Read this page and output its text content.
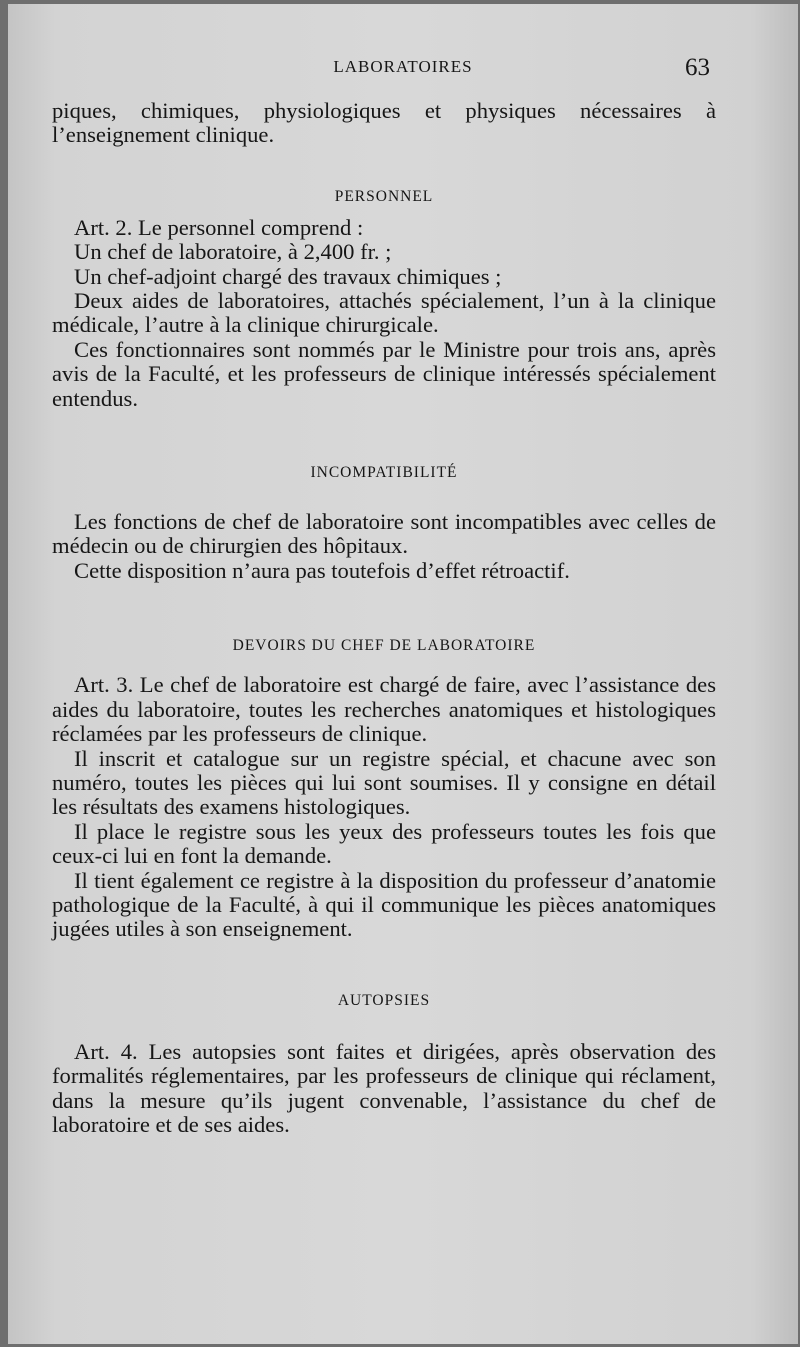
LABORATOIRES	63

piques, chimiques, physiologiques et physiques nécessaires à l’enseignement clinique.

PERSONNEL

Art. 2. Le personnel comprend :

Un chef de laboratoire, à 2,400 fr. ;

Un chef-adjoint chargé des travaux chimiques ;

Deux aides de laboratoires, attachés spécialement, l’un à la clinique médicale, l’autre à la clinique chirurgicale.

Ces fonctionnaires sont nommés par le Ministre pour trois ans, après avis de la Faculté, et les professeurs de clinique intéressés spécialement entendus.

INCOMPATIBILITÉ

Les fonctions de chef de laboratoire sont incompatibles avec celles de médecin ou de chirurgien des hôpitaux.

Cette disposition n’aura pas toutefois d’effet rétroactif.

DEVOIRS DU CHEF DE LABORATOIRE

Art. 3. Le chef de laboratoire est chargé de faire, avec l’assistance des aides du laboratoire, toutes les recherches anatomiques et histologiques réclamées par les professeurs de clinique.

Il inscrit et catalogue sur un registre spécial, et chacune avec son numéro, toutes les pièces qui lui sont soumises. Il y consigne en détail les résultats des examens histologiques.

Il place le registre sous les yeux des professeurs toutes les fois que ceux-ci lui en font la demande.

Il tient également ce registre à la disposition du professeur d’anatomie pathologique de la Faculté, à qui il communique les pièces anatomiques jugées utiles à son enseignement.

AUTOPSIES

Art. 4. Les autopsies sont faites et dirigées, après observation des formalités réglementaires, par les professeurs de clinique qui réclament, dans la mesure qu’ils jugent convenable, l’assistance du chef de laboratoire et de ses aides.
